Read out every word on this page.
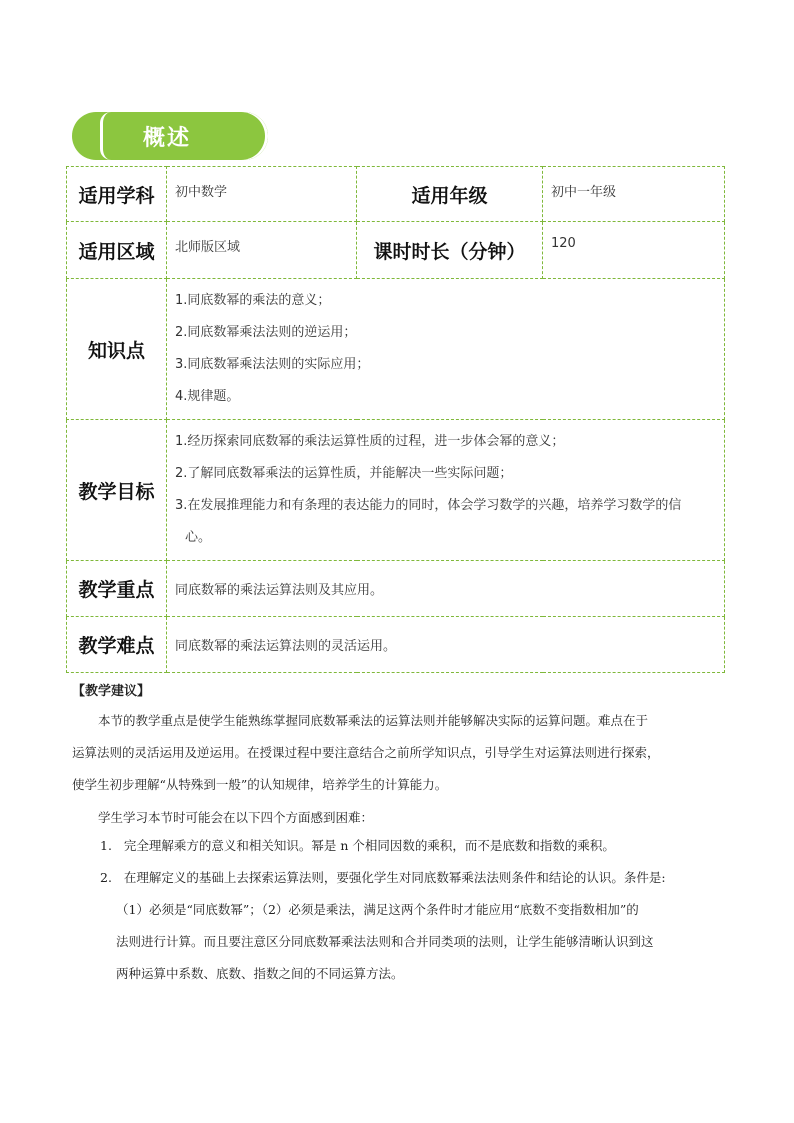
概述
适用学科	初中数学	适用年级	初中一年级
适用区域	北师版区域	课时时长（分钟）	120
知识点	1.同底数幂的乘法的意义；
2.同底数幂乘法法则的逆运用；
3.同底数幂乘法法则的实际应用；
4.规律题。		

教学目标	1.经历探索同底数幂的乘法运算性质的过程，进一步体会幂的意义；
2.了解同底数幂乘法的运算性质，并能解决一些实际问题；
3.在发展推理能力和有条理的表达能力的同时，体会学习数学的兴趣，培养学习数学的信
心。		

教学重点	同底数幂的乘法运算法则及其应用。		
教学难点	同底数幂的乘法运算法则的灵活运用。		
【教学建议】
本节的教学重点是使学生能熟练掌握同底数幂乘法的运算法则并能够解决实际的运算问题。难点在于
运算法则的灵活运用及逆运用。在授课过程中要注意结合之前所学知识点，引导学生对运算法则进行探索，
使学生初步理解“从特殊到一般”的认知规律，培养学生的计算能力。
学生学习本节时可能会在以下四个方面感到困难：
1. 完全理解乘方的意义和相关知识。幂是 n 个相同因数的乘积，而不是底数和指数的乘积。
2. 在理解定义的基础上去探索运算法则，要强化学生对同底数幂乘法法则条件和结论的认识。条件是:
（1）必须是“同底数幂”；（2）必须是乘法，满足这两个条件时才能应用“底数不变指数相加”的
法则进行计算。而且要注意区分同底数幂乘法法则和合并同类项的法则，让学生能够清晰认识到这
两种运算中系数、底数、指数之间的不同运算方法。
